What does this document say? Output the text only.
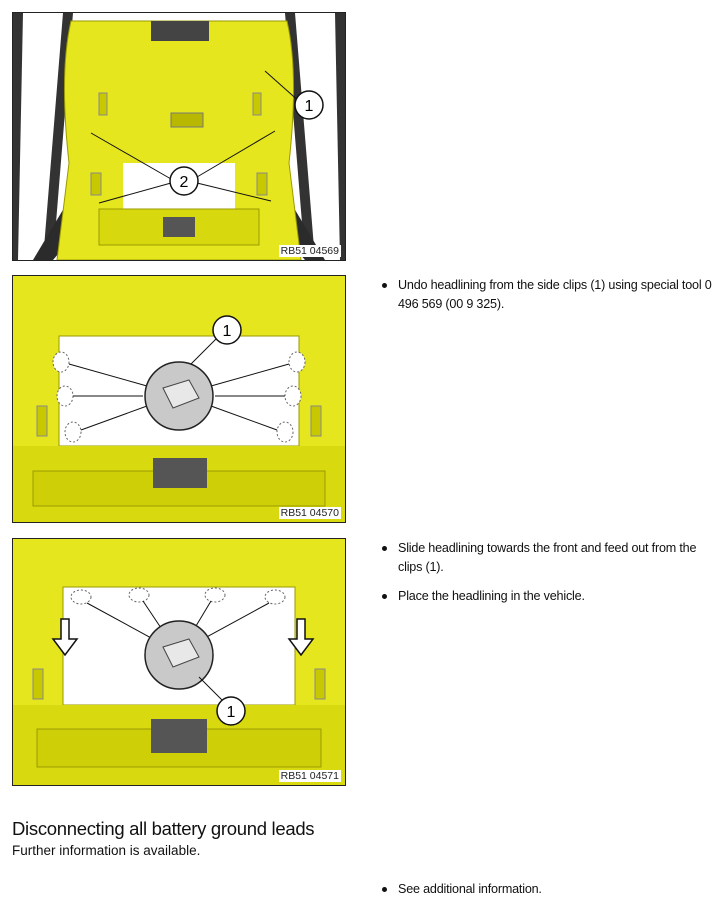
2
1
RB51 04569
1
RB51 04570
1
RB51 04571
Undo headlining from the side clips (1) using special tool 0 496 569 (00 9 325).
Slide headlining towards the front and feed out from the clips (1).
Place the headlining in the vehicle.
Disconnecting all battery ground leads

Further information is available.

See additional information.
